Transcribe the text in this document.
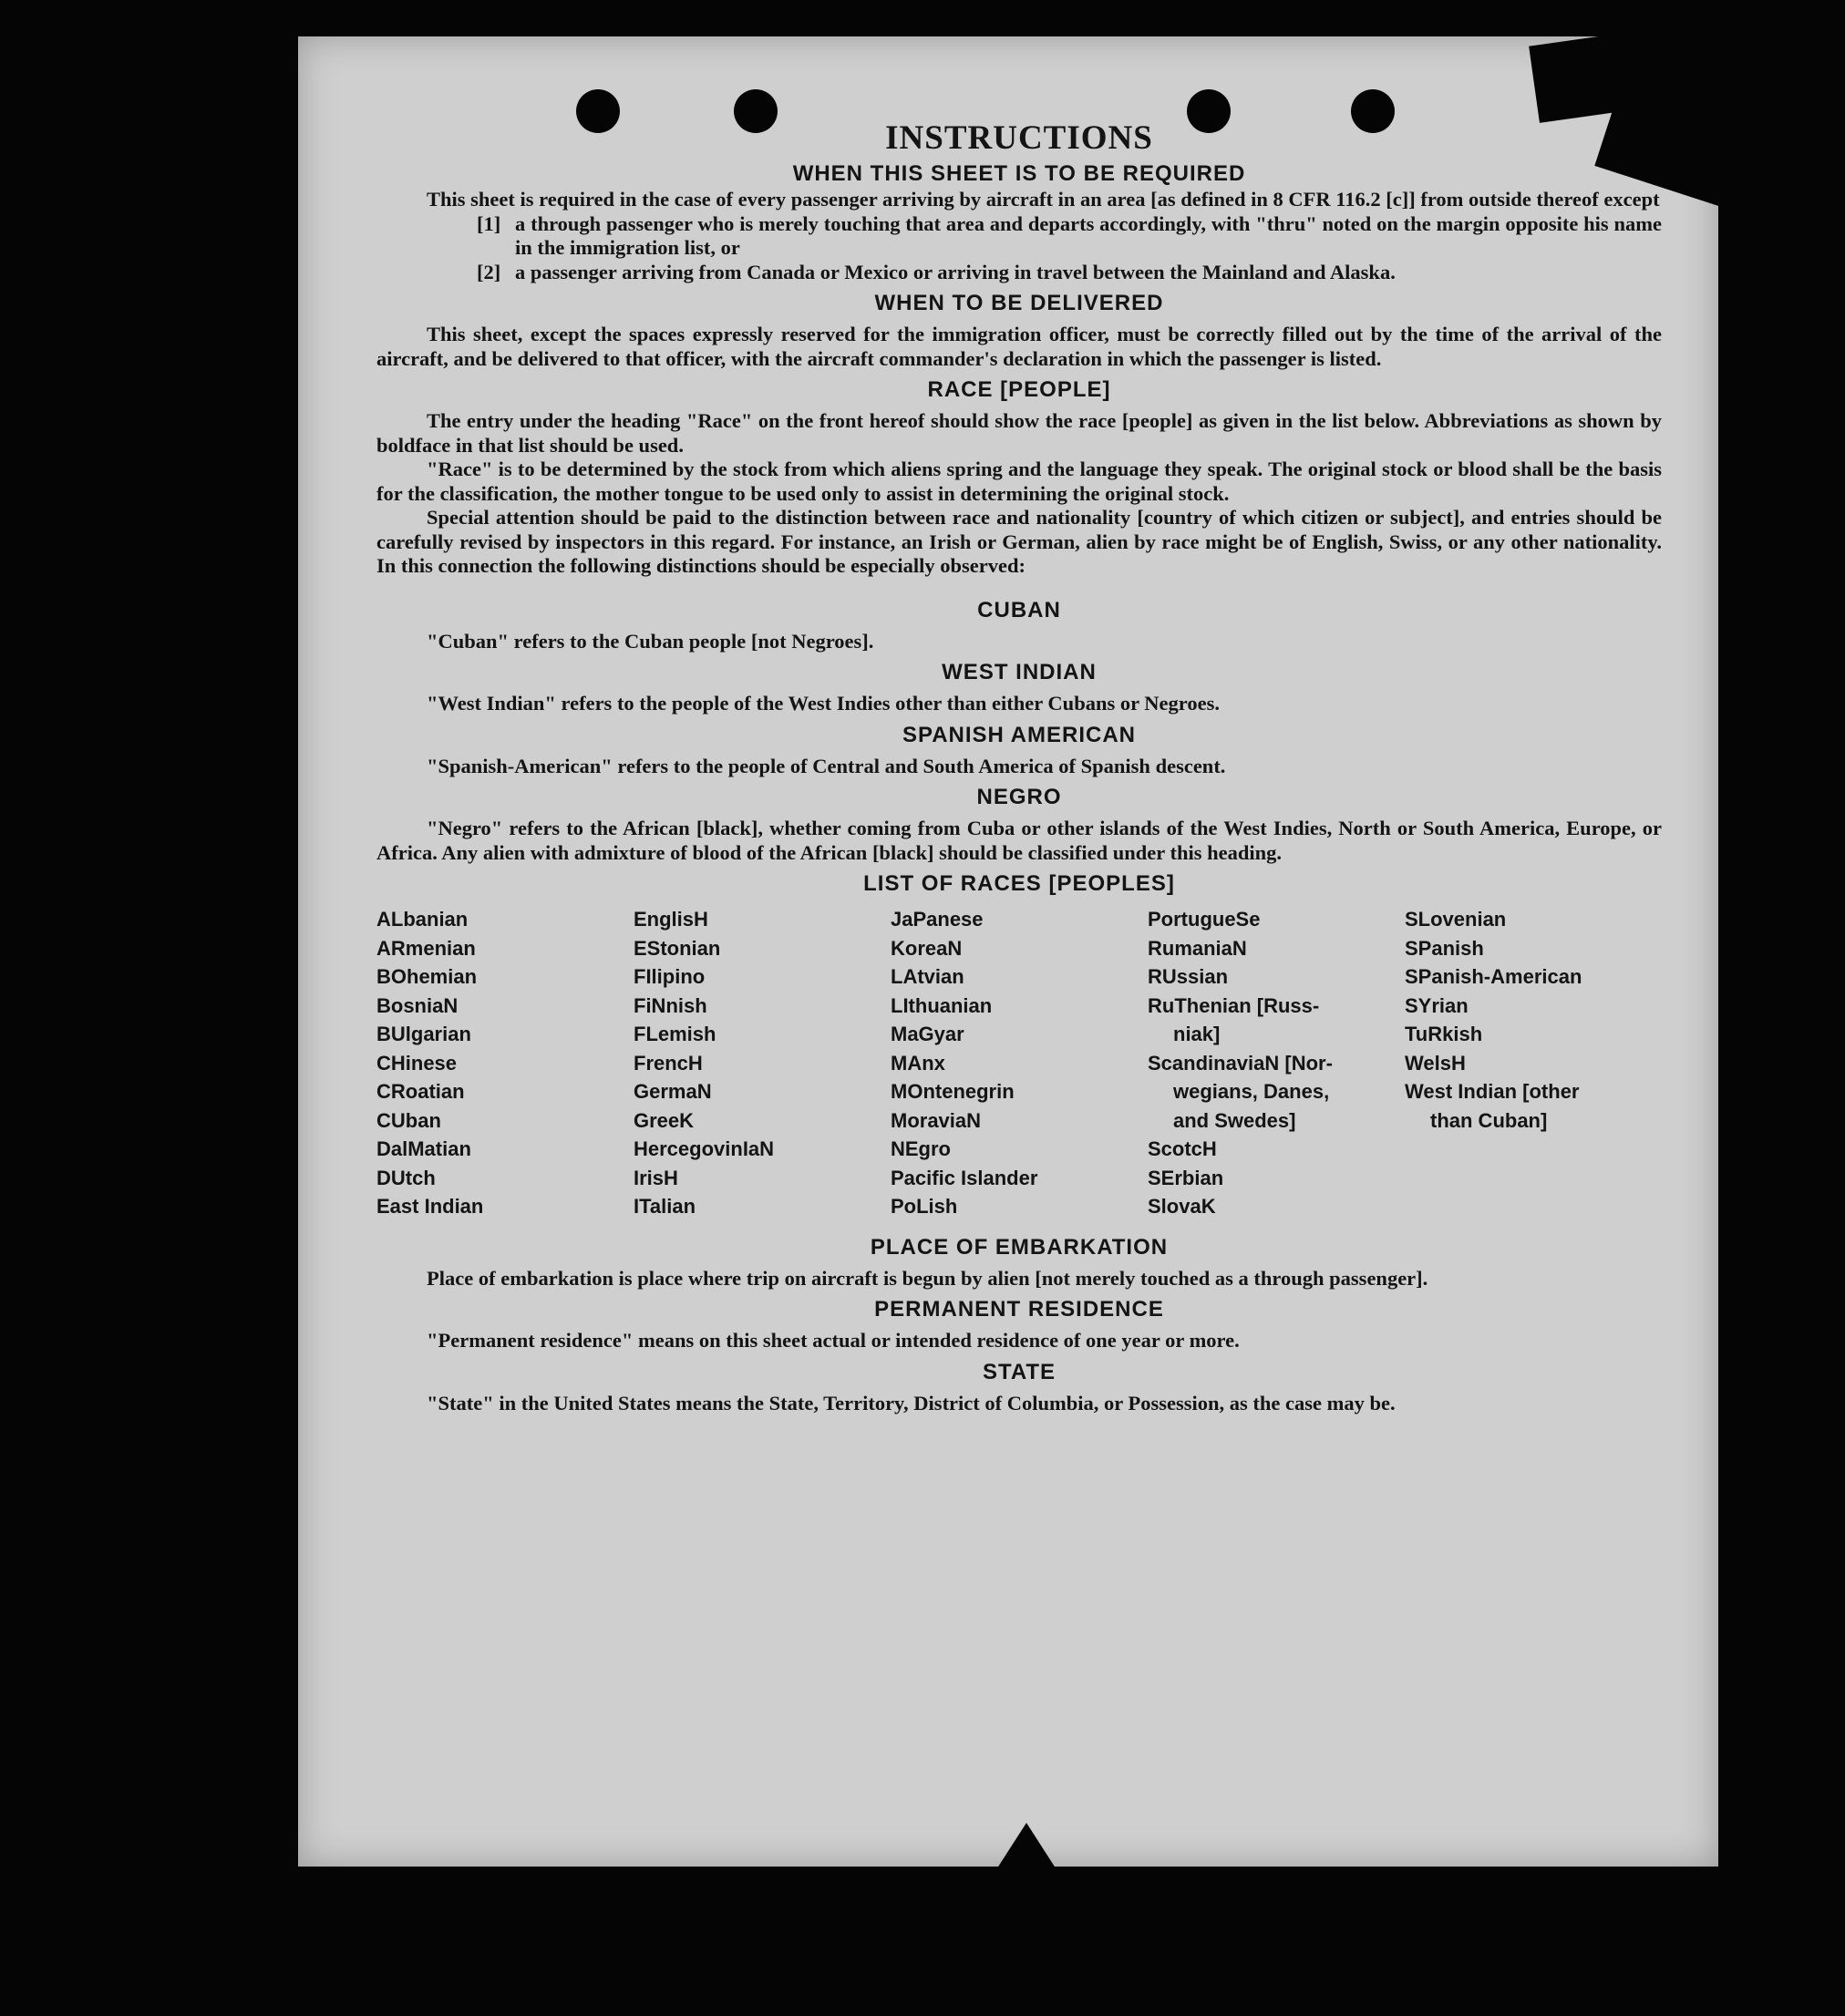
INSTRUCTIONS
WHEN THIS SHEET IS TO BE REQUIRED

This sheet is required in the case of every passenger arriving by aircraft in an area [as defined in 8 CFR 116.2 [c]] from outside thereof except

[1] a through passenger who is merely touching that area and departs accordingly, with "thru" noted on the margin opposite his name in the immigration list, or

[2] a passenger arriving from Canada or Mexico or arriving in travel between the Mainland and Alaska.

WHEN TO BE DELIVERED

This sheet, except the spaces expressly reserved for the immigration officer, must be correctly filled out by the time of the arrival of the aircraft, and be delivered to that officer, with the aircraft commander's declaration in which the passenger is listed.

RACE [PEOPLE]

The entry under the heading "Race" on the front hereof should show the race [people] as given in the list below. Abbreviations as shown by boldface in that list should be used.

"Race" is to be determined by the stock from which aliens spring and the language they speak. The original stock or blood shall be the basis for the classification, the mother tongue to be used only to assist in determining the original stock.

Special attention should be paid to the distinction between race and nationality [country of which citizen or subject], and entries should be carefully revised by inspectors in this regard. For instance, an Irish or German, alien by race might be of English, Swiss, or any other nationality. In this connection the following distinctions should be especially observed:

CUBAN

"Cuban" refers to the Cuban people [not Negroes].

WEST INDIAN

"West Indian" refers to the people of the West Indies other than either Cubans or Negroes.

SPANISH AMERICAN

"Spanish-American" refers to the people of Central and South America of Spanish descent.

NEGRO

"Negro" refers to the African [black], whether coming from Cuba or other islands of the West Indies, North or South America, Europe, or Africa. Any alien with admixture of blood of the African [black] should be classified under this heading.

LIST OF RACES [PEOPLES]
ALbanian
ARmenian
BOhemian
BosniaN
BUlgarian
CHinese
CRoatian
CUban
DalMatian
DUtch
East Indian
EnglisH
EStonian
FIlipino
FiNnish
FLemish
FrencH
GermaN
GreeK
HercegovinIaN
IrisH
ITalian
JaPanese
KoreaN
LAtvian
LIthuanian
MaGyar
MAnx
MOntenegrin
MoraviaN
NEgro
Pacific Islander
PoLish
PortugueSe
RumaniaN
RUssian
RuThenian [Russ-
niak]
ScandinaviaN [Nor-
wegians, Danes,
and Swedes]
ScotcH
SErbian
SlovaK
SLovenian
SPanish
SPanish-American
SYrian
TuRkish
WelsH
West Indian [other
than Cuban]
PLACE OF EMBARKATION

Place of embarkation is place where trip on aircraft is begun by alien [not merely touched as a through passenger].

PERMANENT RESIDENCE

"Permanent residence" means on this sheet actual or intended residence of one year or more.

STATE

"State" in the United States means the State, Territory, District of Columbia, or Possession, as the case may be.
